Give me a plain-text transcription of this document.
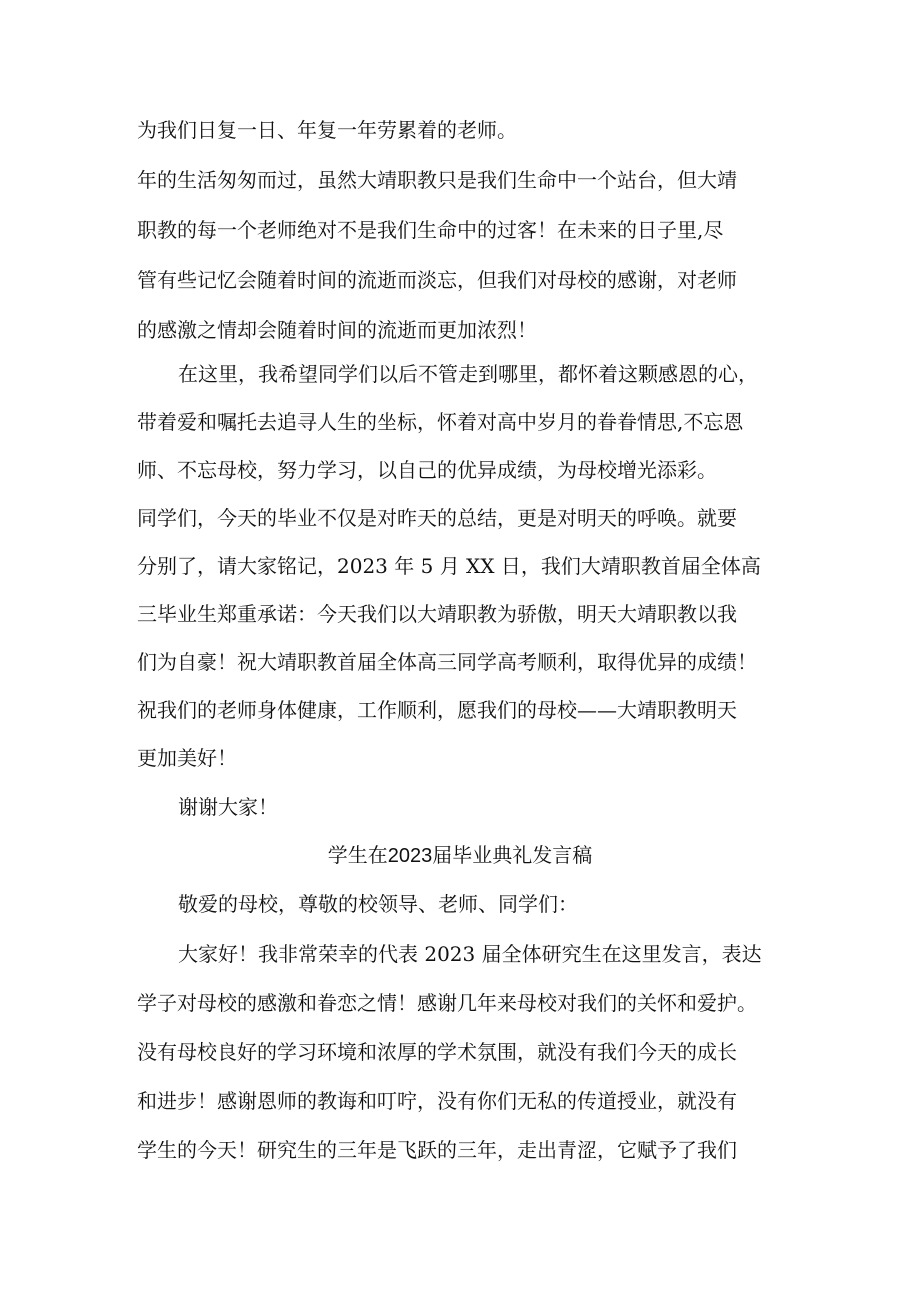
为我们日复一日、年复一年劳累着的老师。
年的生活匆匆而过，虽然大靖职教只是我们生命中一个站台，但大靖
职教的每一个老师绝对不是我们生命中的过客！在未来的日子里,尽
管有些记忆会随着时间的流逝而淡忘，但我们对母校的感谢，对老师
的感激之情却会随着时间的流逝而更加浓烈！
在这里，我希望同学们以后不管走到哪里，都怀着这颗感恩的心，
带着爱和嘱托去追寻人生的坐标，怀着对高中岁月的眷眷情思,不忘恩
师、不忘母校，努力学习，以自己的优异成绩，为母校增光添彩。
同学们，今天的毕业不仅是对昨天的总结，更是对明天的呼唤。就要
分别了，请大家铭记，2023 年 5 月 XX 日，我们大靖职教首届全体高
三毕业生郑重承诺：今天我们以大靖职教为骄傲，明天大靖职教以我
们为自豪！祝大靖职教首届全体高三同学高考顺利，取得优异的成绩！
祝我们的老师身体健康，工作顺利，愿我们的母校——大靖职教明天
更加美好！
谢谢大家！
学生在2023届毕业典礼发言稿
敬爱的母校，尊敬的校领导、老师、同学们：
大家好！我非常荣幸的代表 2023 届全体研究生在这里发言，表达
学子对母校的感激和眷恋之情！感谢几年来母校对我们的关怀和爱护。
没有母校良好的学习环境和浓厚的学术氛围，就没有我们今天的成长
和进步！感谢恩师的教诲和叮咛，没有你们无私的传道授业，就没有
学生的今天！研究生的三年是飞跃的三年，走出青涩，它赋予了我们
